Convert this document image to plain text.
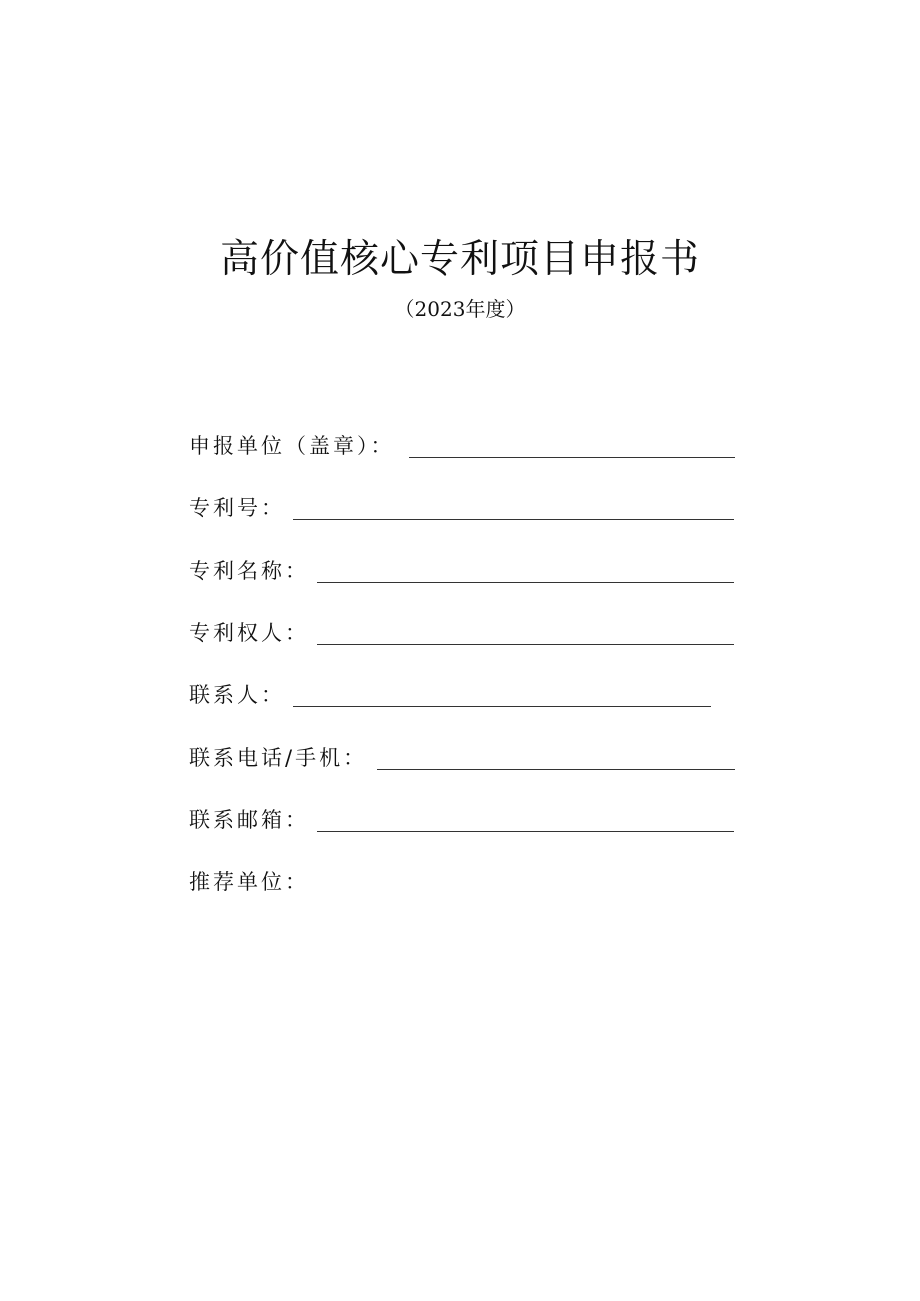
高价值核心专利项目申报书
（2023年度）
申报单位（盖章）：
专利号：
专利名称：
专利权人：
联系人：
联系电话/手机：
联系邮箱：
推荐单位：
